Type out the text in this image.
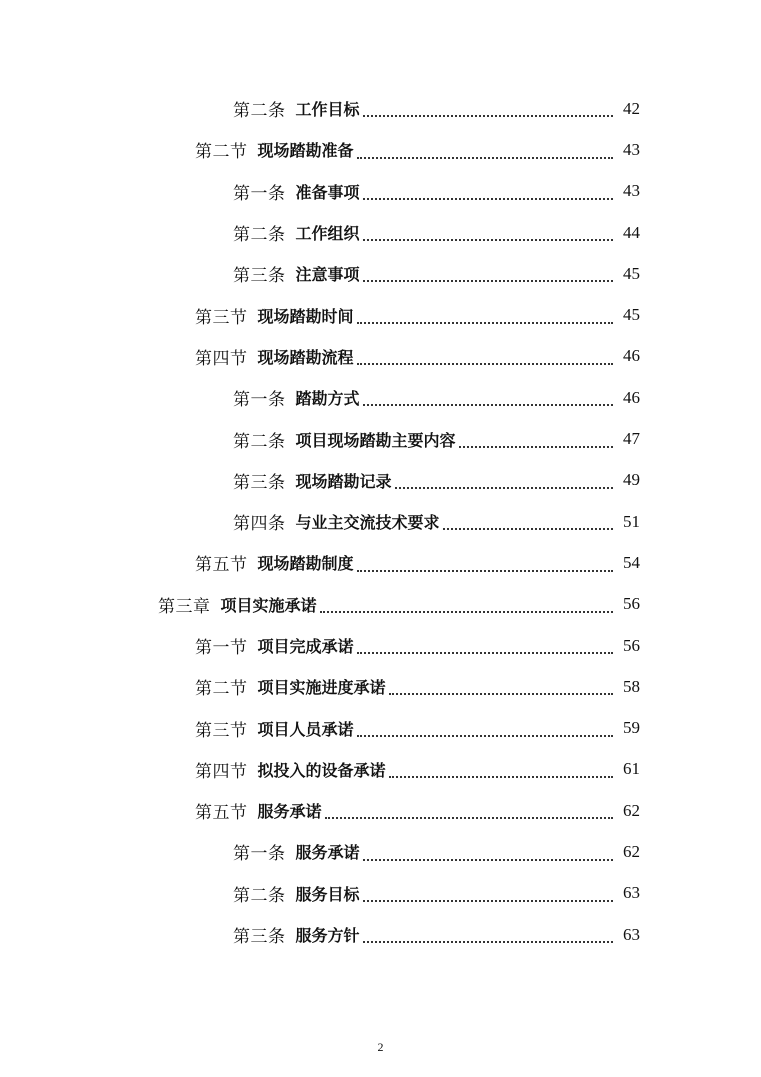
第二条 工作目标	42
第二节 现场踏勘准备	43
第一条 准备事项	43
第二条 工作组织	44
第三条 注意事项	45
第三节 现场踏勘时间	45
第四节 现场踏勘流程	46
第一条 踏勘方式	46
第二条 项目现场踏勘主要内容	47
第三条 现场踏勘记录	49
第四条 与业主交流技术要求	51
第五节 现场踏勘制度	54
第三章 项目实施承诺	56
第一节 项目完成承诺	56
第二节 项目实施进度承诺	58
第三节 项目人员承诺	59
第四节 拟投入的设备承诺	61
第五节 服务承诺	62
第一条 服务承诺	62
第二条 服务目标	63
第三条 服务方针	63
2
